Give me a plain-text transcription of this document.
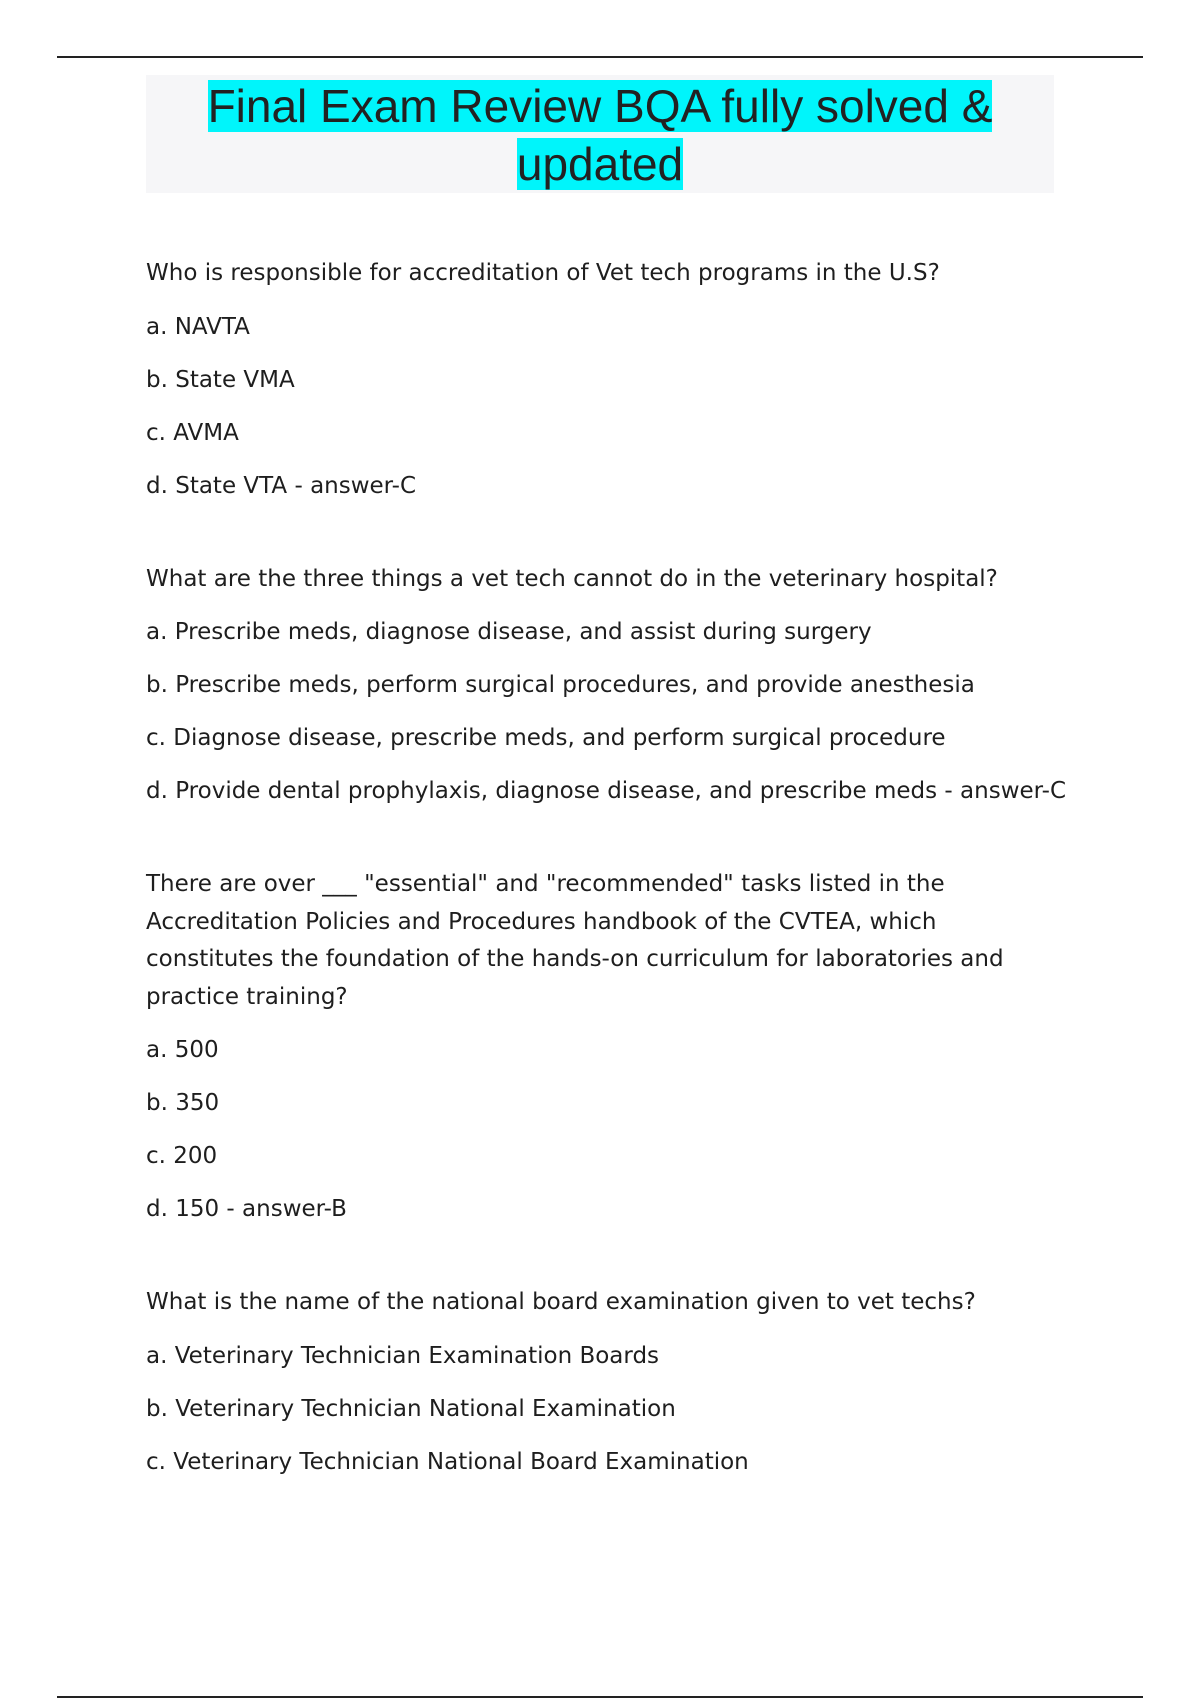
Final Exam Review BQA fully solved & updated

Who is responsible for accreditation of Vet tech programs in the U.S?

a. NAVTA

b. State VMA

c. AVMA

d. State VTA - answer-C

What are the three things a vet tech cannot do in the veterinary hospital?

a. Prescribe meds, diagnose disease, and assist during surgery

b. Prescribe meds, perform surgical procedures, and provide anesthesia

c. Diagnose disease, prescribe meds, and perform surgical procedure

d. Provide dental prophylaxis, diagnose disease, and prescribe meds - answer-C

There are over ___ "essential" and "recommended" tasks listed in the Accreditation Policies and Procedures handbook of the CVTEA, which constitutes the foundation of the hands-on curriculum for laboratories and practice training?

a. 500

b. 350

c. 200

d. 150 - answer-B

What is the name of the national board examination given to vet techs?

a. Veterinary Technician Examination Boards

b. Veterinary Technician National Examination

c. Veterinary Technician National Board Examination
